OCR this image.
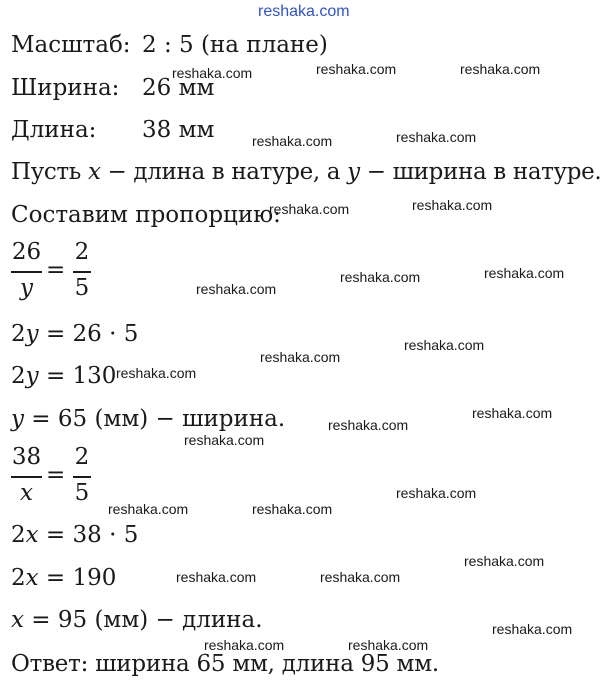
reshaka.com
Масштаб: 2 : 5 (на плане)
Ширина: 26 мм
Длина: 38 мм
Пусть x − длина в натуре, а y − ширина в натуре.
Составим пропорцию:
26
y
=
2
5
2y = 26 · 5
2y = 130
y = 65 (мм) − ширина.
38
x
=
2
5
2x = 38 · 5
2x = 190
x = 95 (мм) − длина.
Ответ: ширина 65 мм, длина 95 мм.
reshaka.com	reshaka.com	reshaka.com
reshaka.com	reshaka.com
reshaka.com	reshaka.com
reshaka.com	reshaka.com
reshaka.com
reshaka.com
reshaka.com
reshaka.com
reshaka.com
reshaka.com
reshaka.com
reshaka.com
reshaka.com	reshaka.com
reshaka.com
reshaka.com	reshaka.com
reshaka.com
reshaka.com	reshaka.com
